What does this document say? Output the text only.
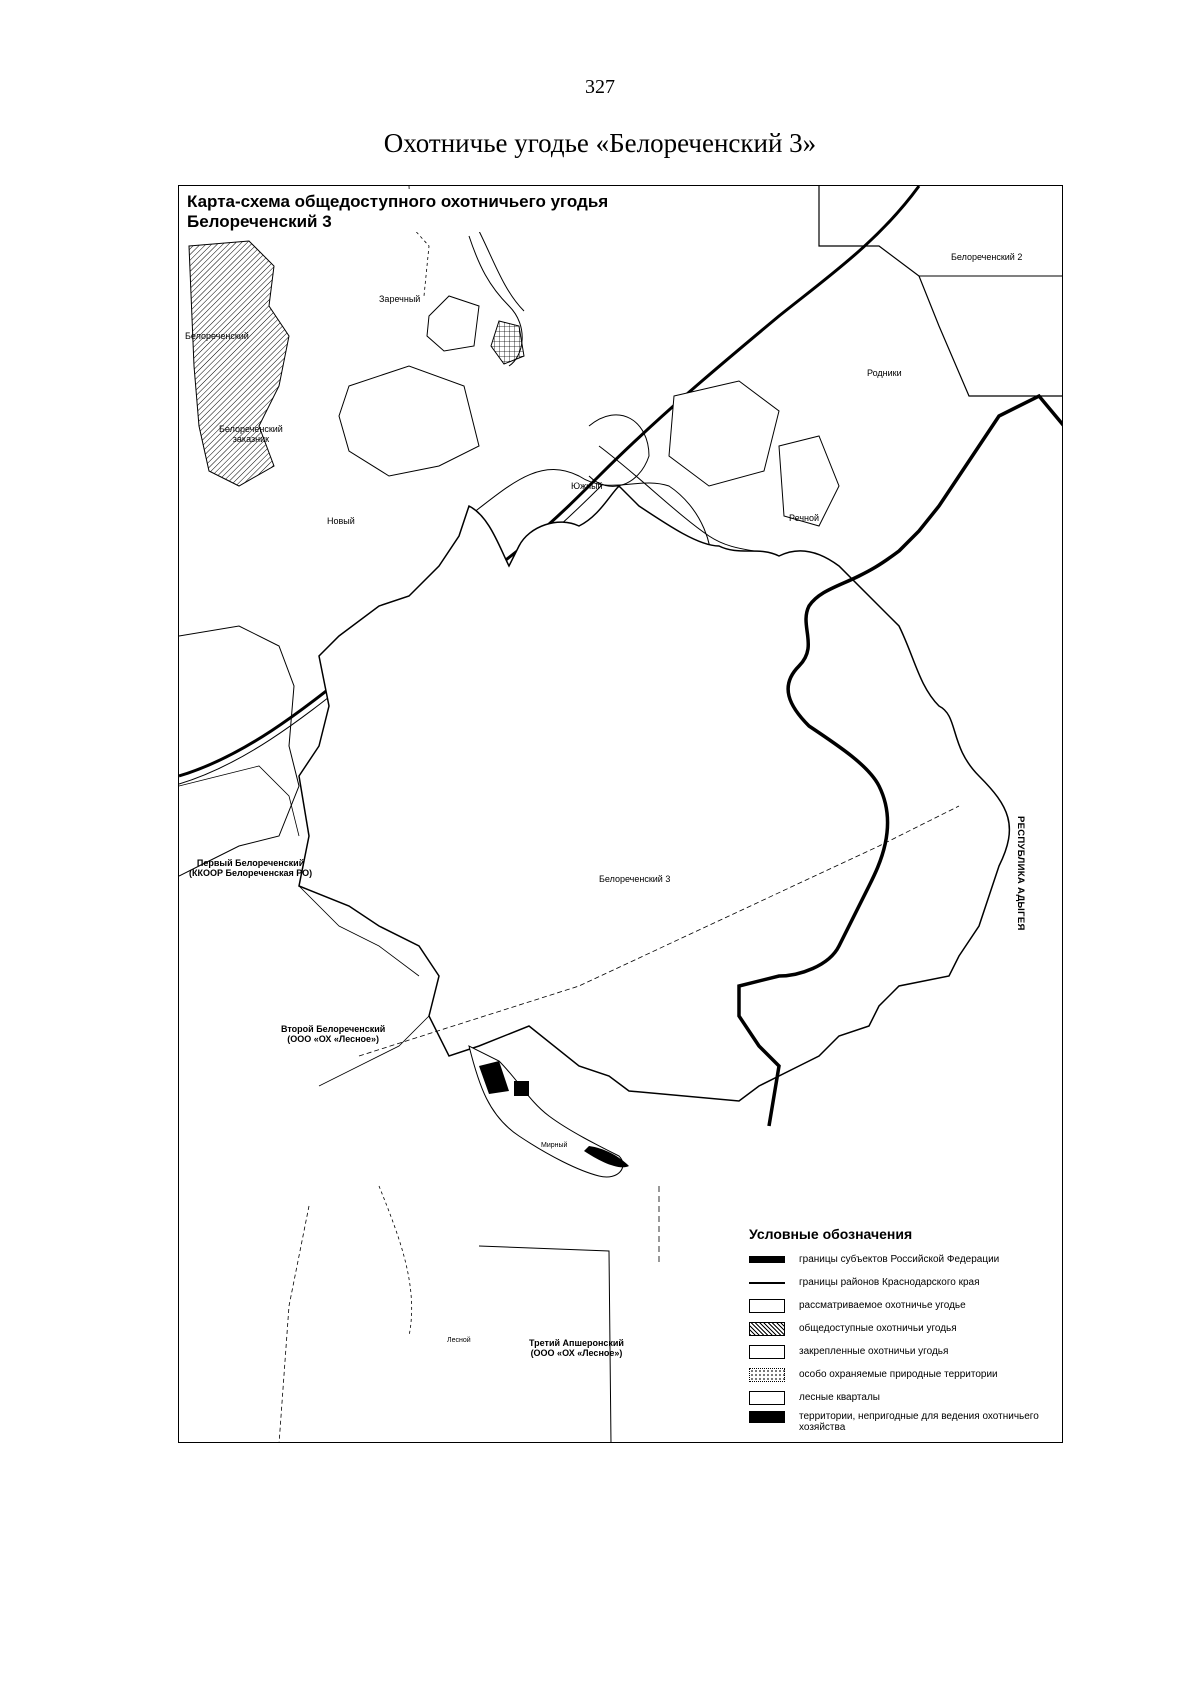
327
Охотничье угодье «Белореченский 3»
Карта-схема общедоступного охотничьего угодья
Белореченский 3
Белореченский 2
Заречный
Белореченский
Белореченский
заказник
Родники
Южный
Новый	Речной
Белореченский 3	РЕСПУБЛИКА АДЫГЕЯ
Первый Белореченский
(ККООР Белореченская РО)
Второй Белореченский
(ООО «ОХ «Лесное»)
Третий Апшеронский
(ООО «ОХ «Лесное»)
Мирный
Лесной
Условные обозначения
границы субъектов Российской Федерации
границы районов Краснодарского края
рассматриваемое охотничье угодье
общедоступные охотничьи угодья
закрепленные охотничьи угодья
особо охраняемые природные территории
лесные кварталы
территории, непригодные для ведения охотничьего хозяйства
